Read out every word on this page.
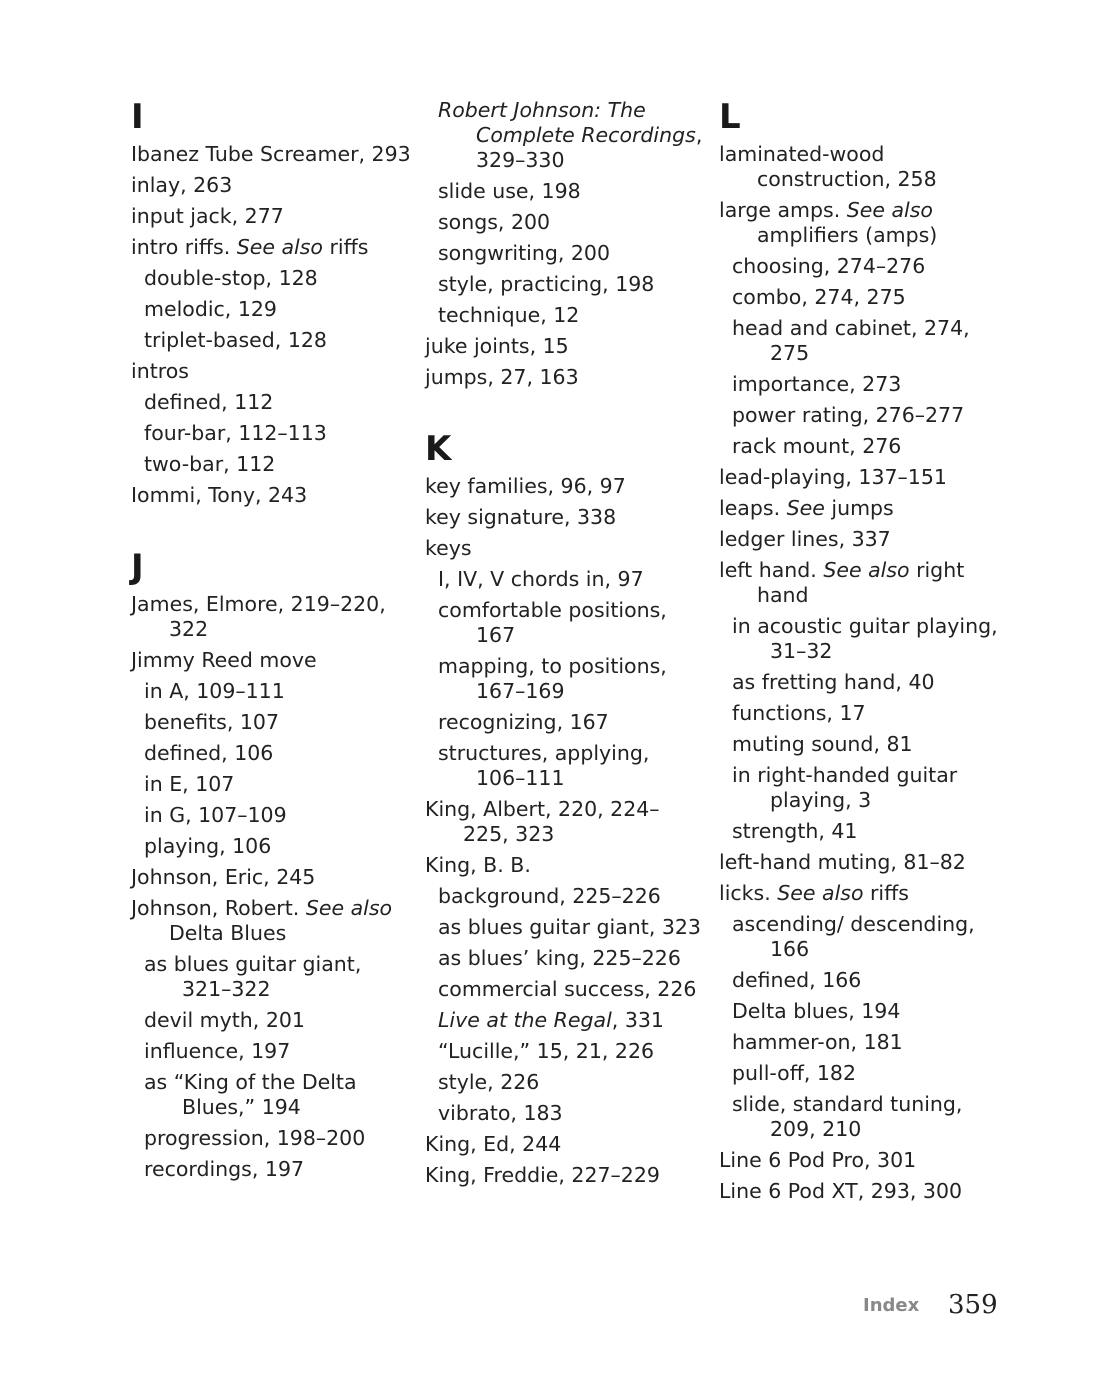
I
Ibanez Tube Screamer, 293
inlay, 263
input jack, 277
intro riffs. See also riffs
double-stop, 128
melodic, 129
triplet-based, 128
intros
defined, 112
four-bar, 112–113
two-bar, 112
Iommi, Tony, 243
J
James, Elmore, 219–220, 322
Jimmy Reed move
in A, 109–111
benefits, 107
defined, 106
in E, 107
in G, 107–109
playing, 106
Johnson, Eric, 245
Johnson, Robert. See also Delta Blues
as blues guitar giant, 321–322
devil myth, 201
influence, 197
as “King of the Delta Blues,” 194
progression, 198–200
recordings, 197
Robert Johnson: The Complete Recordings, 329–330
slide use, 198
songs, 200
songwriting, 200
style, practicing, 198
technique, 12
juke joints, 15
jumps, 27, 163
K
key families, 96, 97
key signature, 338
keys
I, IV, V chords in, 97
comfortable positions, 167
mapping, to positions, 167–169
recognizing, 167
structures, applying, 106–111
King, Albert, 220, 224–225, 323
King, B. B.
background, 225–226
as blues guitar giant, 323
as blues’ king, 225–226
commercial success, 226
Live at the Regal, 331
“Lucille,” 15, 21, 226
style, 226
vibrato, 183
King, Ed, 244
King, Freddie, 227–229
L
laminated-wood construction, 258
large amps. See also amplifiers (amps)
choosing, 274–276
combo, 274, 275
head and cabinet, 274, 275
importance, 273
power rating, 276–277
rack mount, 276
lead-playing, 137–151
leaps. See jumps
ledger lines, 337
left hand. See also right hand
in acoustic guitar playing, 31–32
as fretting hand, 40
functions, 17
muting sound, 81
in right-handed guitar playing, 3
strength, 41
left-hand muting, 81–82
licks. See also riffs
ascending/ descending, 166
defined, 166
Delta blues, 194
hammer-on, 181
pull-off, 182
slide, standard tuning, 209, 210
Line 6 Pod Pro, 301
Line 6 Pod XT, 293, 300
Index 359
